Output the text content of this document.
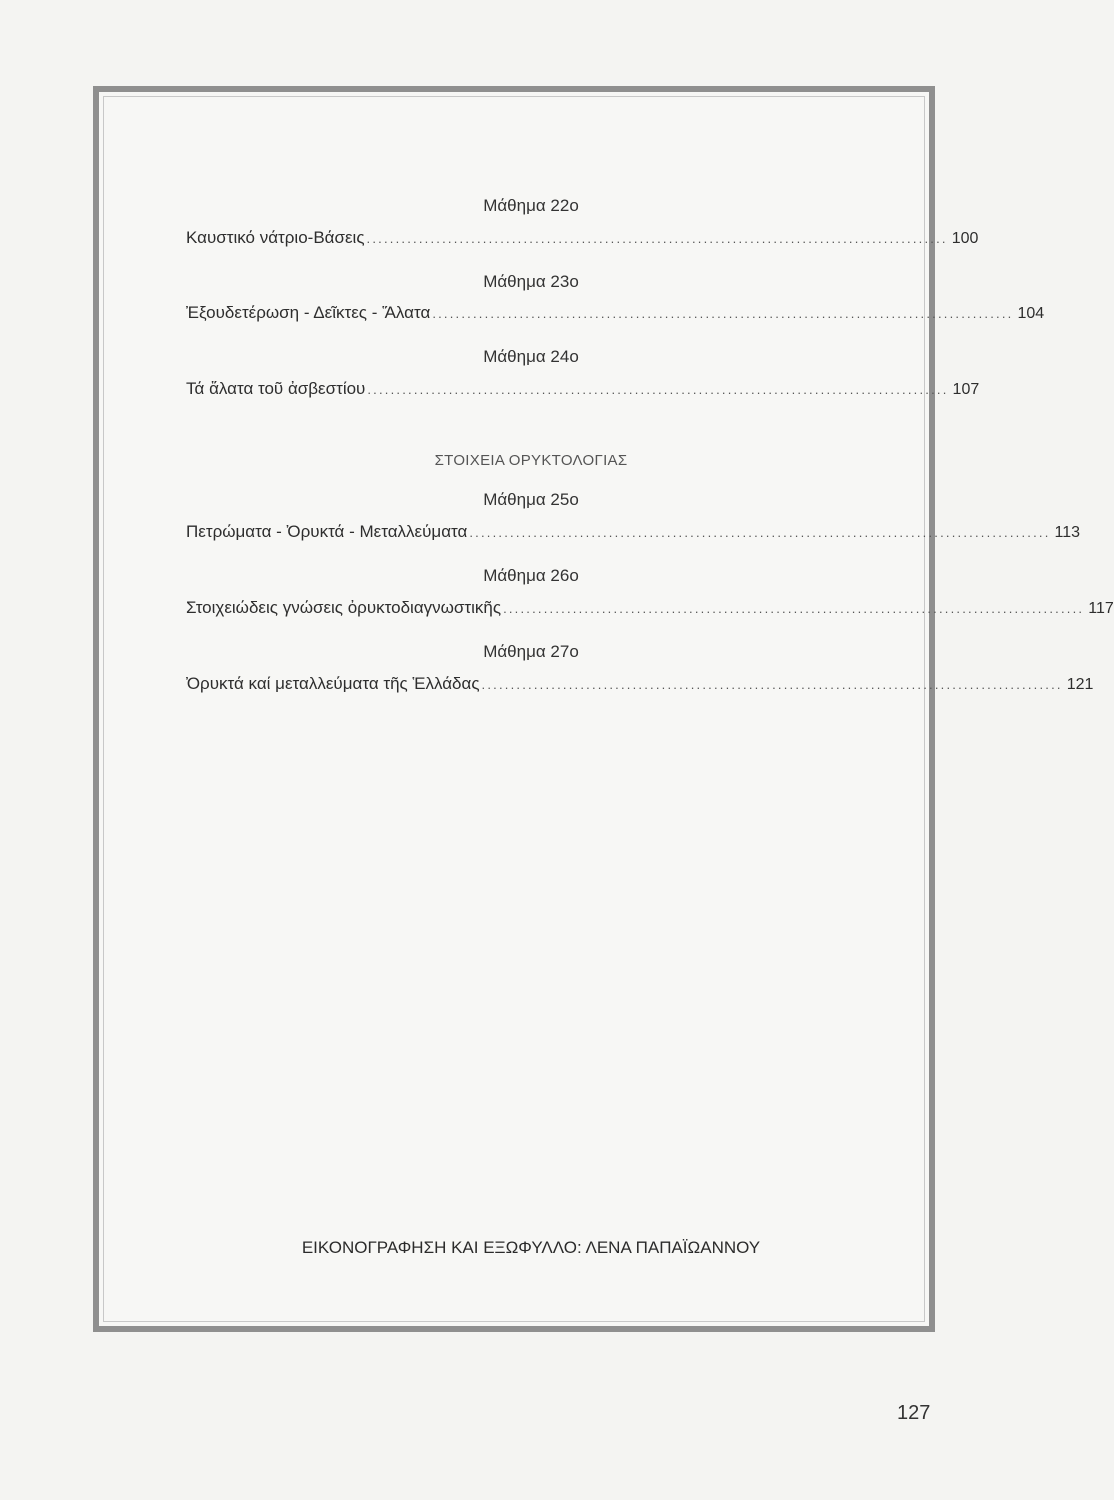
Μάθημα 22ο
Καυστικό νάτριο-Βάσεις .................................................................................................... 100
Μάθημα 23ο
Ἐξουδετέρωση - Δεῖκτες - Ἅλατα .................................................................................................... 104
Μάθημα 24ο
Τά ἅλατα τοῦ ἀσβεστίου .................................................................................................... 107
ΣΤΟΙΧΕΙΑ ΟΡΥΚΤΟΛΟΓΙΑΣ
Μάθημα 25ο
Πετρώματα - Ὀρυκτά - Μεταλλεύματα .................................................................................................... 113
Μάθημα 26ο
Στοιχειώδεις γνώσεις ὀρυκτοδιαγνωστικῆς .................................................................................................... 117
Μάθημα 27ο
Ὀρυκτά καί μεταλλεύματα τῆς Ἑλλάδας .................................................................................................... 121
ΕΙΚΟΝΟΓΡΑΦΗΣΗ ΚΑΙ ΕΞΩΦΥΛΛΟ: ΛΕΝΑ ΠΑΠΑΪΩΑΝΝΟΥ
127
